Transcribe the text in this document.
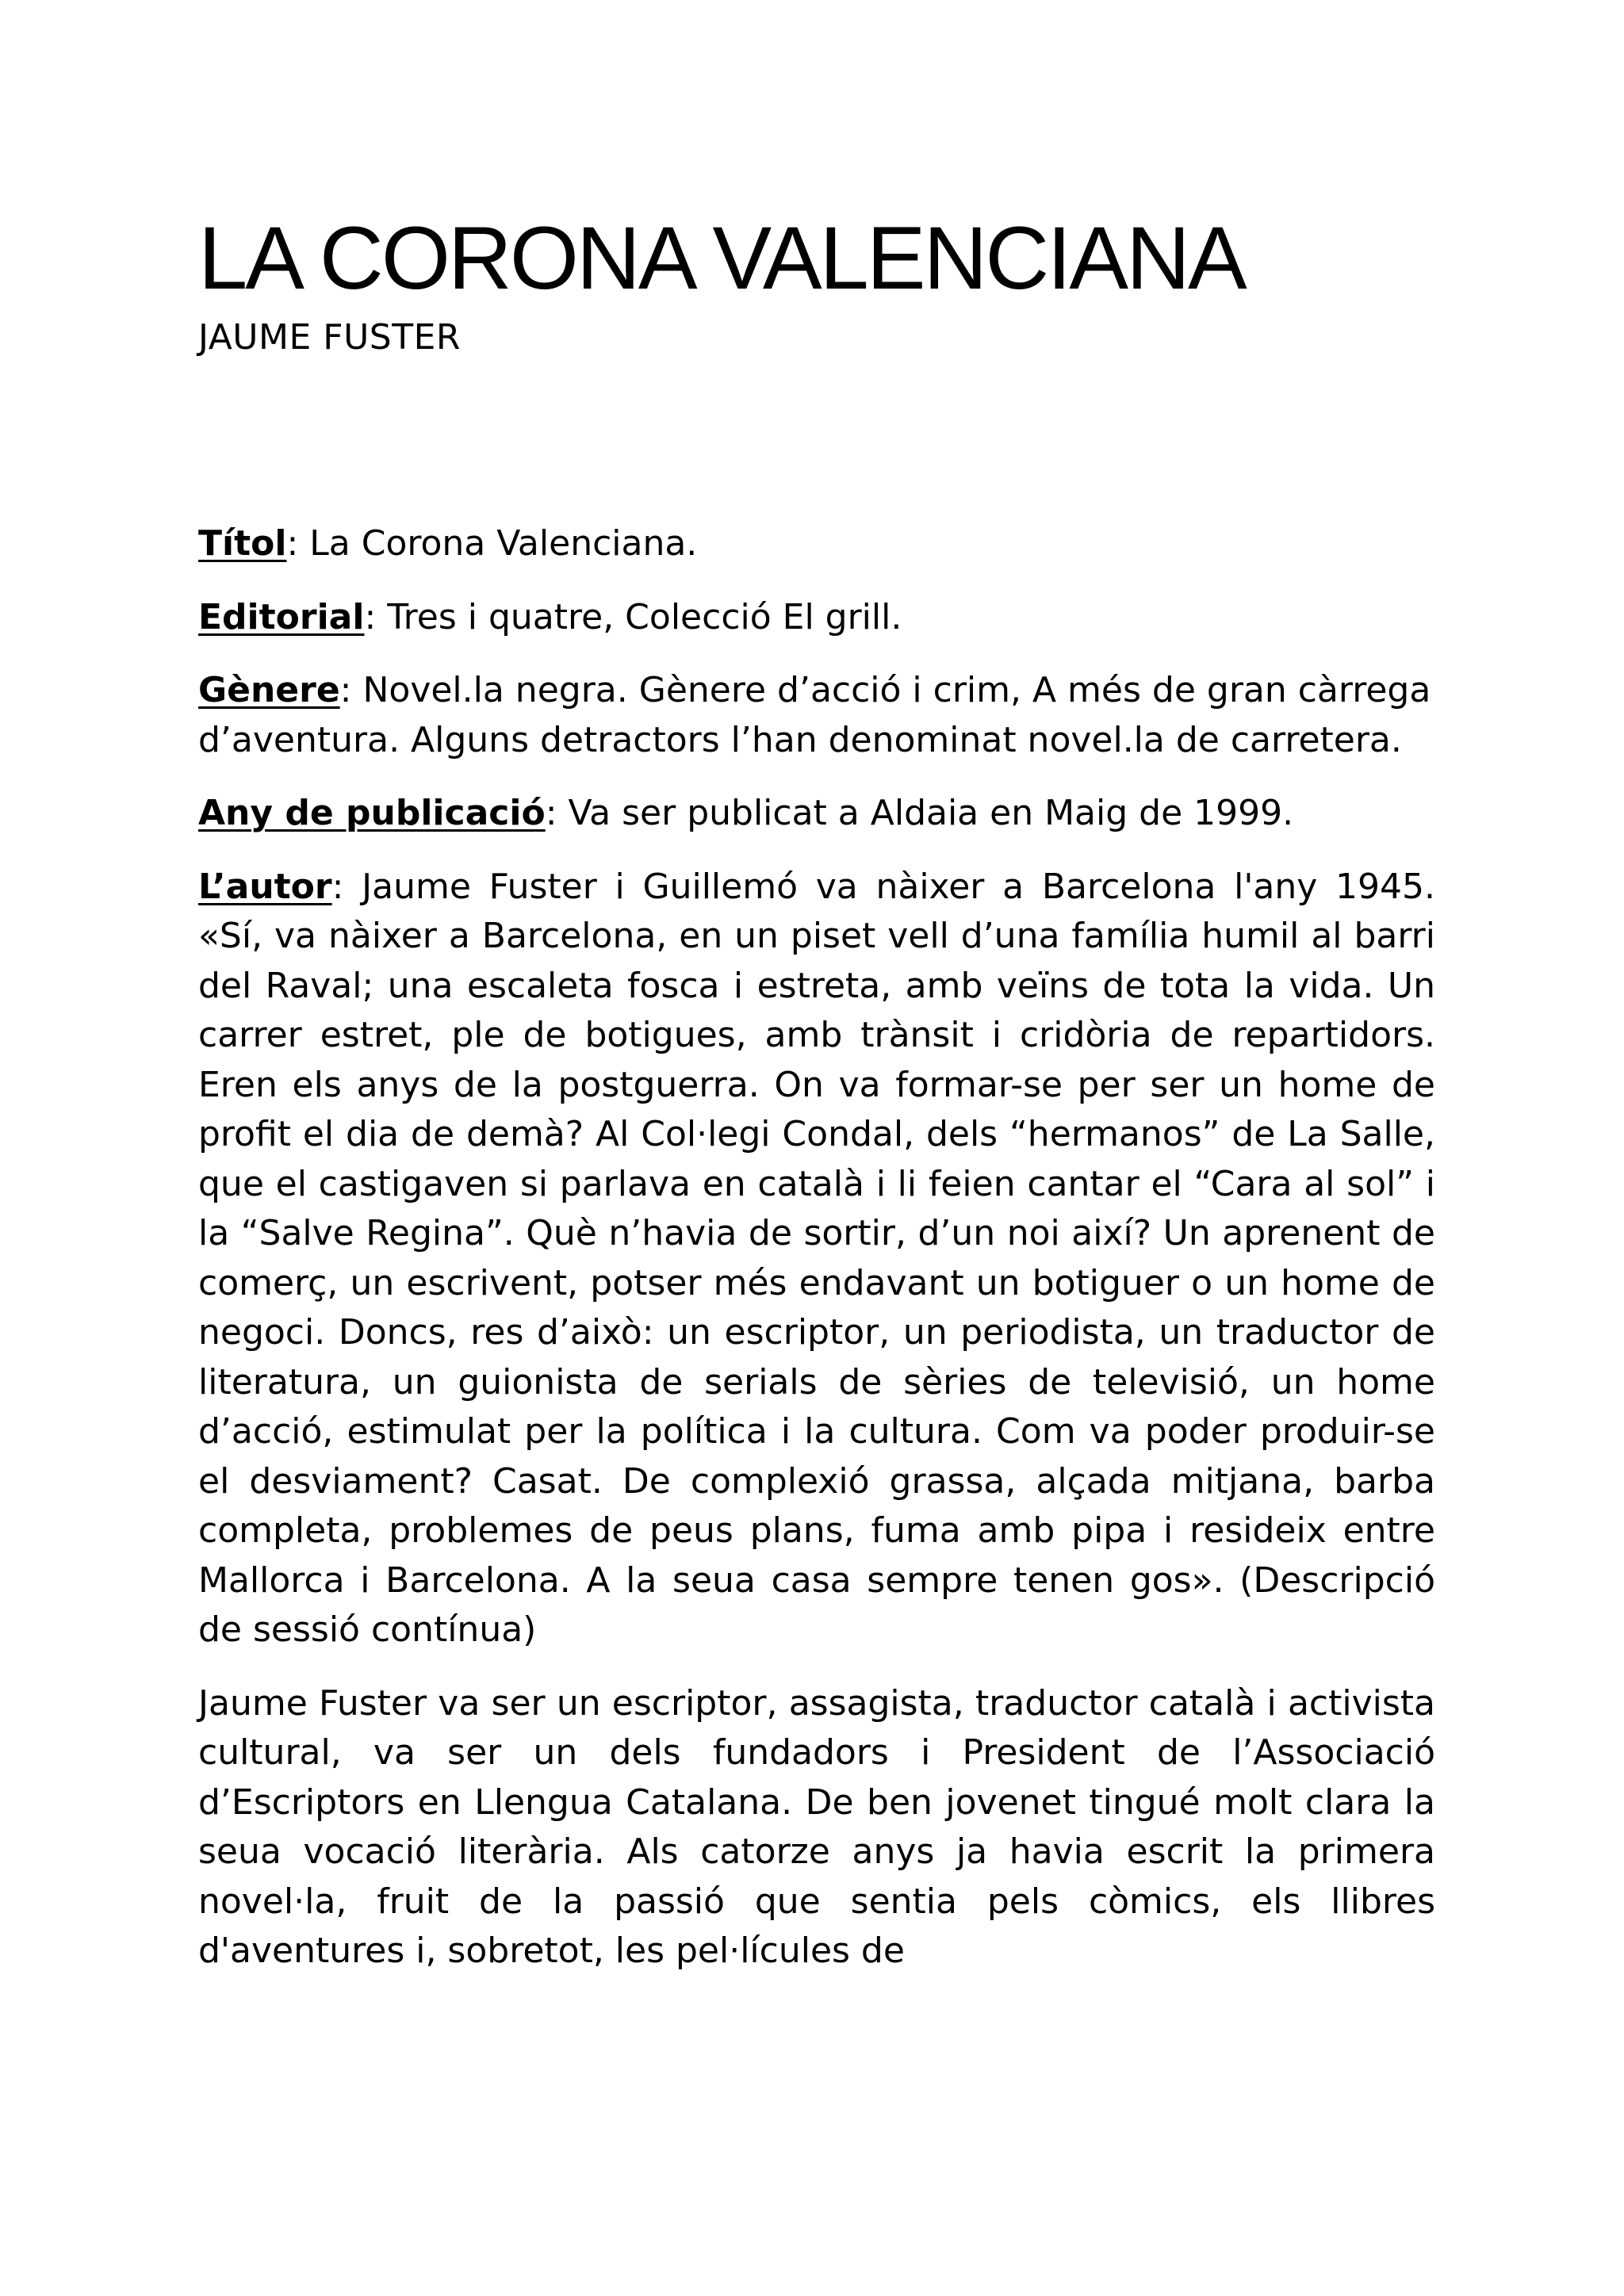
LA CORONA VALENCIANA

JAUME FUSTER

Títol: La Corona Valenciana.

Editorial: Tres i quatre, Colecció El grill.

Gènere: Novel.la negra. Gènere d’acció i crim, A més de gran càrrega d’aventura. Alguns detractors l’han denominat novel.la de carretera.

Any de publicació: Va ser publicat a Aldaia en Maig de 1999.

L’autor: Jaume Fuster i Guillemó va nàixer a Barcelona l'any 1945. «Sí, va nàixer a Barcelona, en un piset vell d’una família humil al barri del Raval; una escaleta fosca i estreta, amb veïns de tota la vida. Un carrer estret, ple de botigues, amb trànsit i cridòria de repartidors. Eren els anys de la postguerra. On va formar-se per ser un home de profit el dia de demà? Al Col·legi Condal, dels “hermanos” de La Salle, que el castigaven si parlava en català i li feien cantar el “Cara al sol” i la “Salve Regina”. Què n’havia de sortir, d’un noi així? Un aprenent de comerç, un escrivent, potser més endavant un botiguer o un home de negoci. Doncs, res d’això: un escriptor, un periodista, un traductor de literatura, un guionista de serials de sèries de televisió, un home d’acció, estimulat per la política i la cultura. Com va poder produir-se el desviament? Casat. De complexió grassa, alçada mitjana, barba completa, problemes de peus plans, fuma amb pipa i resideix entre Mallorca i Barcelona. A la seua casa sempre tenen gos». (Descripció de sessió contínua)

Jaume Fuster va ser un escriptor, assagista, traductor català i activista cultural, va ser un dels fundadors i President de l’Associació d’Escriptors en Llengua Catalana. De ben jovenet tingué molt clara la seua vocació literària. Als catorze anys ja havia escrit la primera novel·la, fruit de la passió que sentia pels còmics, els llibres d'aventures i, sobretot, les pel·lícules de
